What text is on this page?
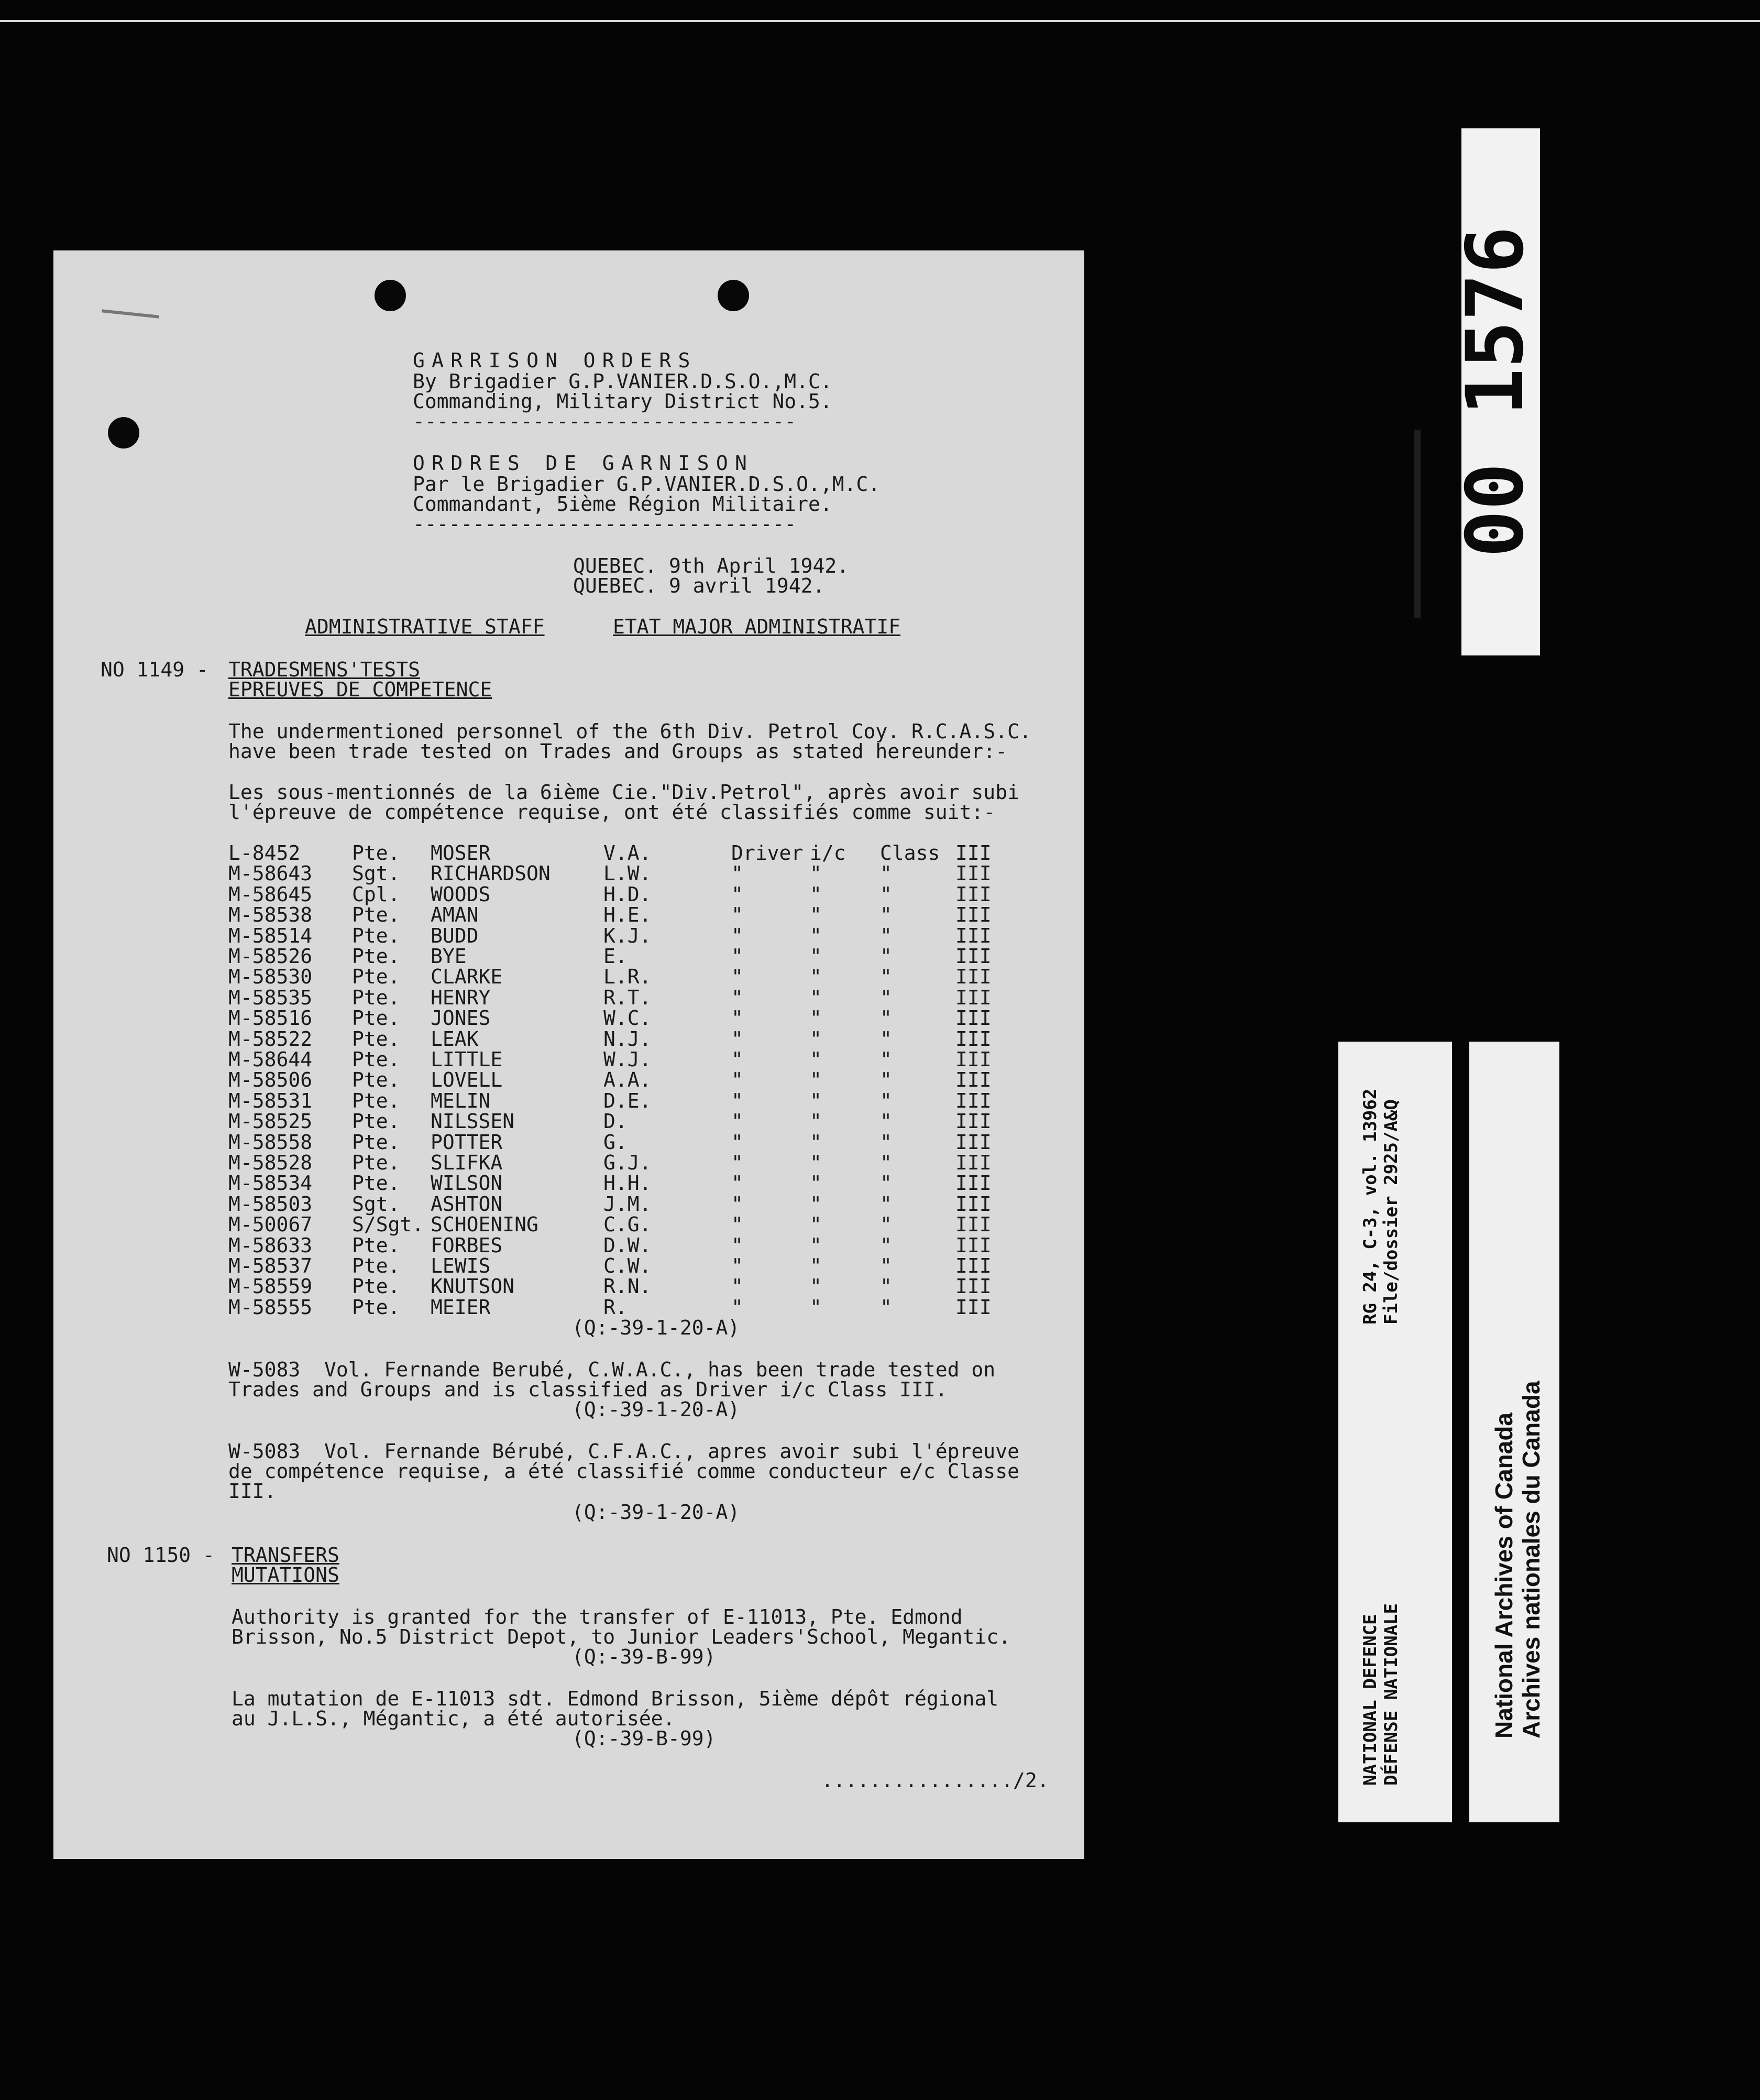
GARRISON ORDERS
By Brigadier G.P.VANIER.D.S.O.,M.C.
Commanding, Military District No.5.
--------------------------------
ORDRES DE GARNISON
Par le Brigadier G.P.VANIER.D.S.O.,M.C.
Commandant, 5ième Région Militaire.
--------------------------------
QUEBEC. 9th April 1942.
QUEBEC. 9 avril 1942.
ADMINISTRATIVE STAFF	ETAT MAJOR ADMINISTRATIF
NO 1149 - TRADESMENS'TESTS
EPREUVES DE COMPETENCE
The undermentioned personnel of the 6th Div. Petrol Coy. R.C.A.S.C.
have been trade tested on Trades and Groups as stated hereunder:-
Les sous-mentionnés de la 6ième Cie."Div.Petrol", après avoir subi
l'épreuve de compétence requise, ont été classifiés comme suit:-
L-8452	Pte. MOSER	V.A.	Driver i/c Class III
M-58643 Sgt. RICHARDSON	L.W.	"	"	"	III
M-58645 Cpl. WOODS	H.D.	"	"	"	III
M-58538 Pte. AMAN	H.E.	"	"	"	III
M-58514 Pte. BUDD	K.J.	"	"	"	III
M-58526 Pte. BYE	E.	"	"	"	III
M-58530 Pte. CLARKE	L.R.	"	"	"	III
M-58535 Pte. HENRY	R.T.	"	"	"	III
M-58516 Pte. JONES	W.C.	"	"	"	III
M-58522 Pte. LEAK	N.J.	"	"	"	III
M-58644 Pte. LITTLE	W.J.	"	"	"	III
M-58506 Pte. LOVELL	A.A.	"	"	"	III
M-58531 Pte. MELIN	D.E.	"	"	"	III
M-58525 Pte. NILSSEN	D.	"	"	"	III
M-58558 Pte. POTTER	G.	"	"	"	III
M-58528 Pte. SLIFKA	G.J.	"	"	"	III
M-58534 Pte. WILSON	H.H.	"	"	"	III
M-58503 Sgt. ASHTON	J.M.	"	"	"	III
M-50067 S/Sgt. SCHOENING	C.G.	"	"	"	III
M-58633 Pte. FORBES	D.W.	"	"	"	III
M-58537 Pte. LEWIS	C.W.	"	"	"	III
M-58559 Pte. KNUTSON	R.N.	"	"	"	III
M-58555 Pte. MEIER	R.	"	"	"	III
(Q:-39-1-20-A)
W-5083  Vol. Fernande Berubé, C.W.A.C., has been trade tested on
Trades and Groups and is classified as Driver i/c Class III.
(Q:-39-1-20-A)
W-5083  Vol. Fernande Bérubé, C.F.A.C., apres avoir subi l'épreuve
de compétence requise, a été classifié comme conducteur e/c Classe
III.
(Q:-39-1-20-A)
NO 1150 - TRANSFERS
MUTATIONS
Authority is granted for the transfer of E-11013, Pte. Edmond
Brisson, No.5 District Depot, to Junior Leaders'School, Megantic.
(Q:-39-B-99)
La mutation de E-11013 sdt. Edmond Brisson, 5ième dépôt régional
au J.L.S., Mégantic, a été autorisée.
(Q:-39-B-99)
................/2.
00 1576
RG 24, C-3, vol. 13962 File/dossier 2925/A&Q
NATIONAL DEFENCE DÉFENSE NATIONALE	National Archives of Canada Archives nationales du Canada
